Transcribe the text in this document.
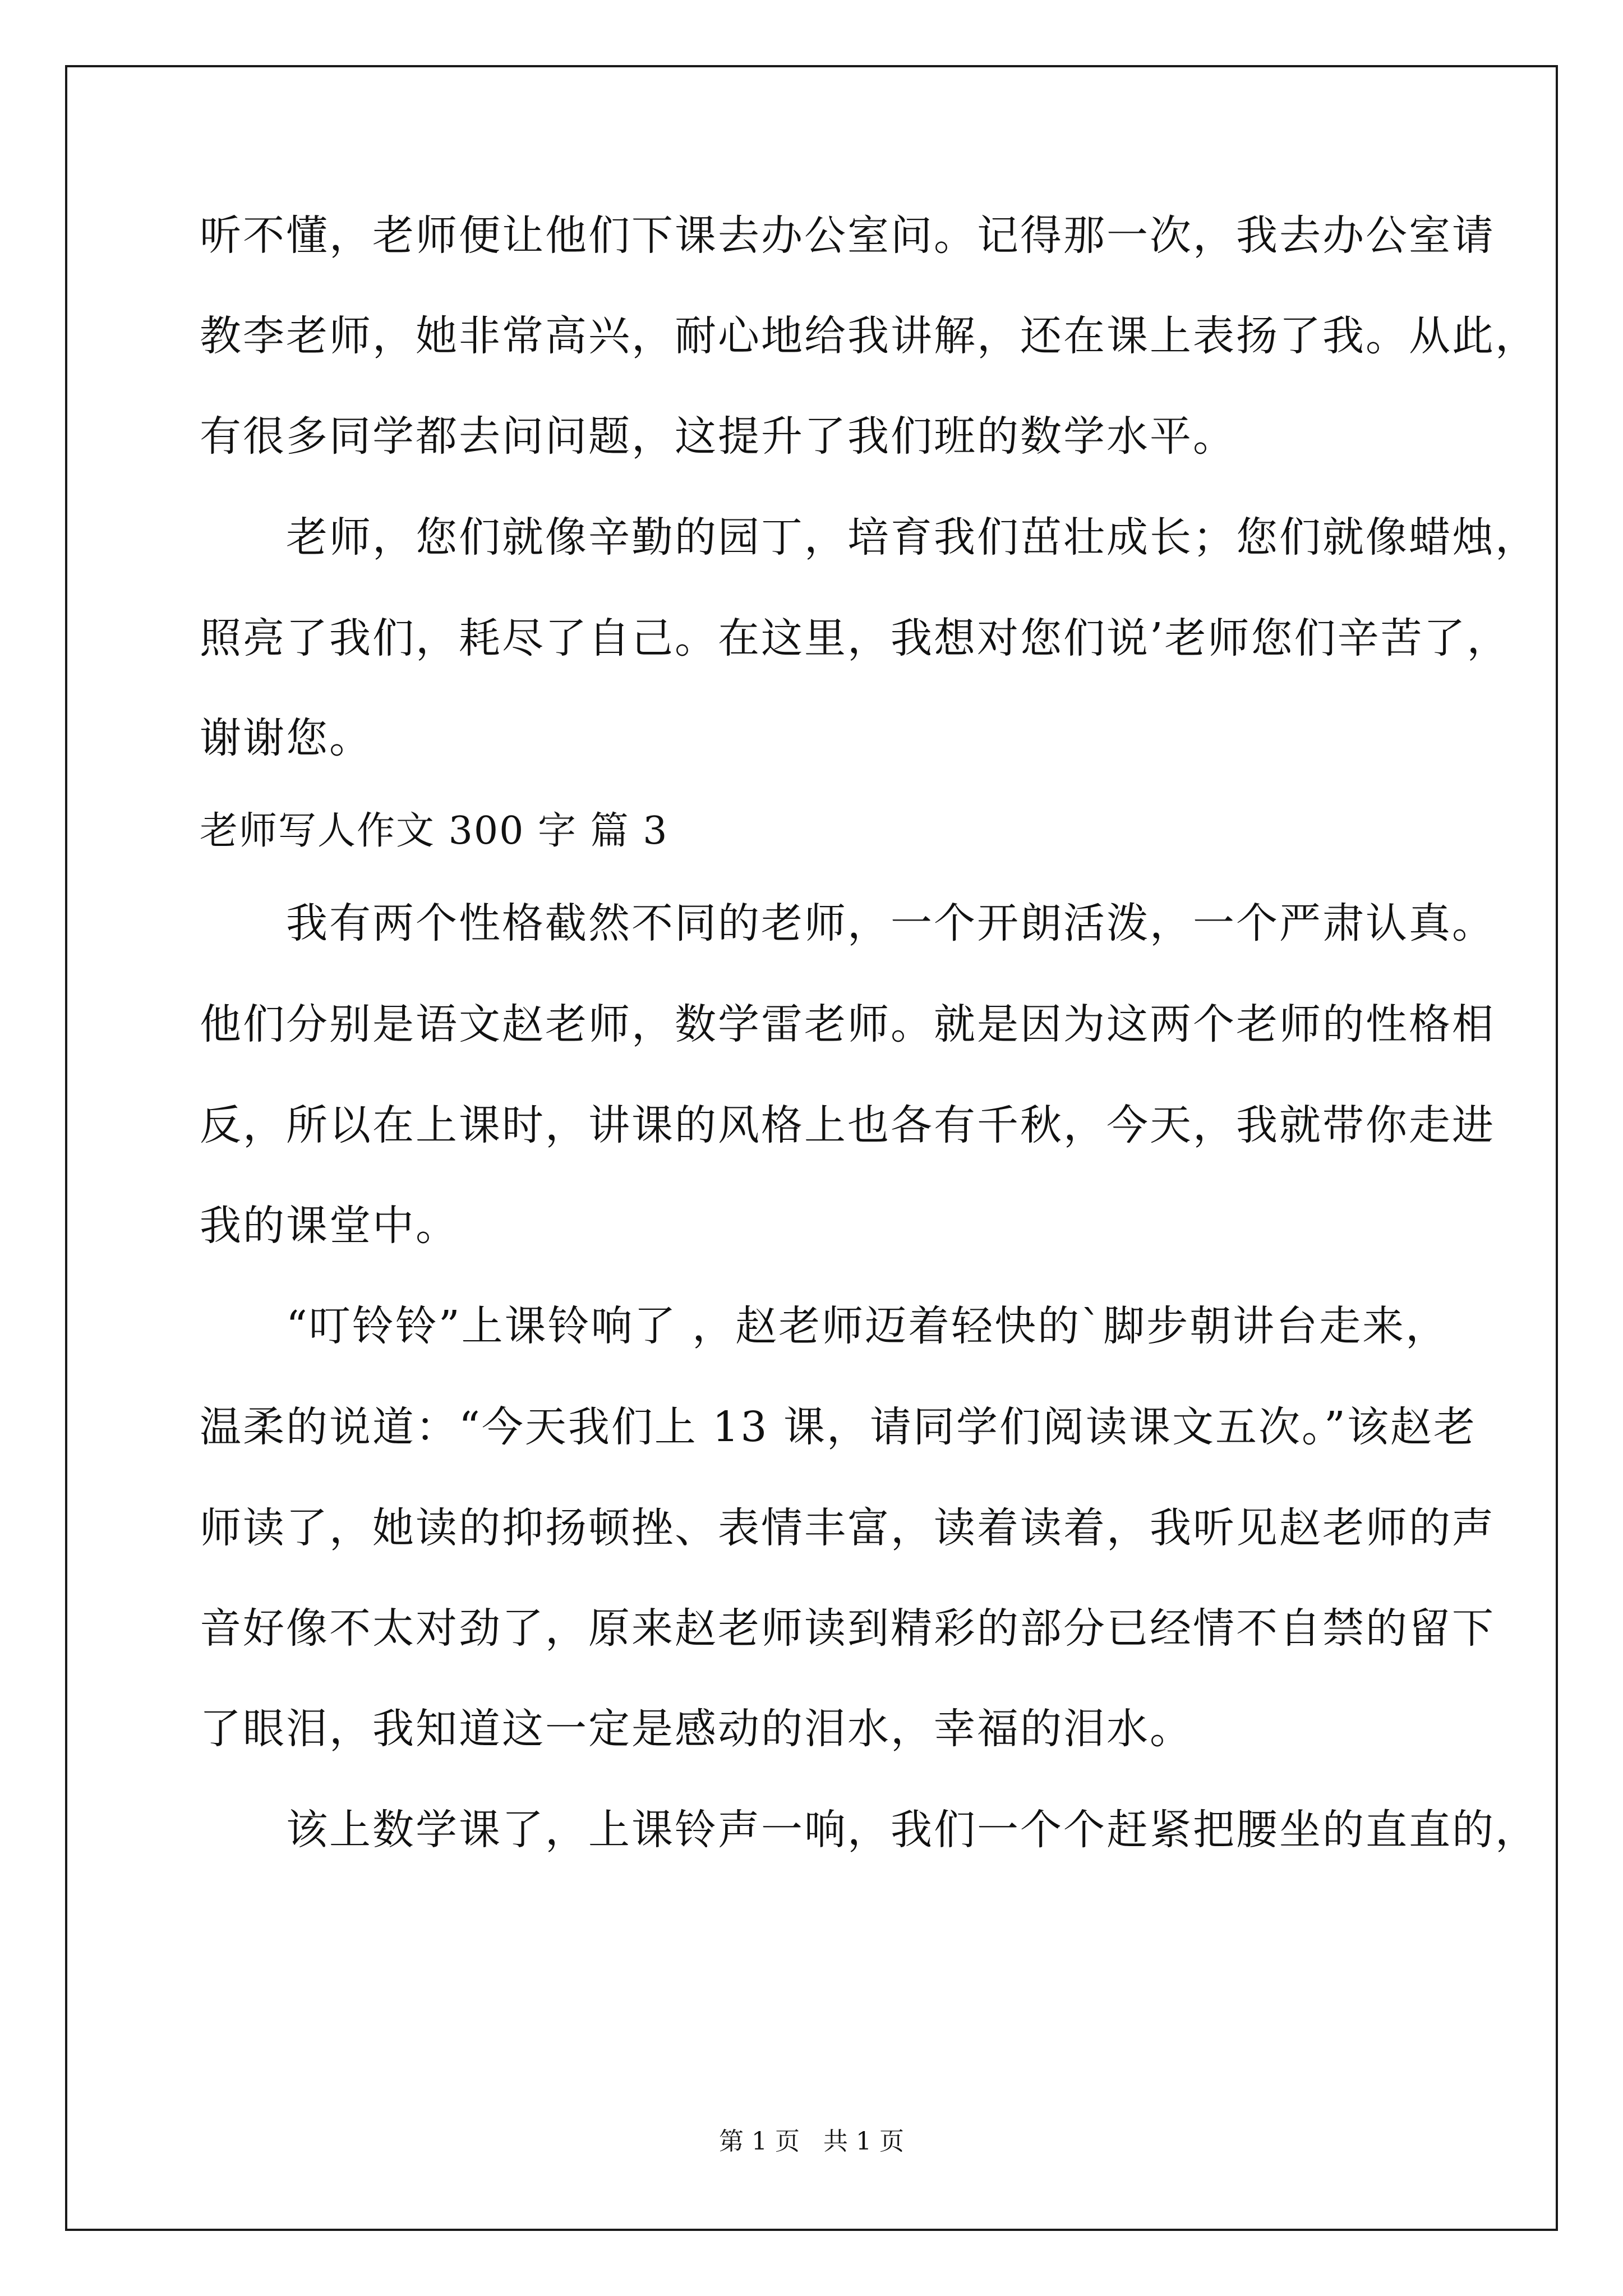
听不懂，老师便让他们下课去办公室问。记得那一次，我去办公室请
教李老师，她非常高兴，耐心地给我讲解，还在课上表扬了我。从此，
有很多同学都去问问题，这提升了我们班的数学水平。
　　老师，您们就像辛勤的园丁，培育我们茁壮成长；您们就像蜡烛，
照亮了我们，耗尽了自己。在这里，我想对您们说’老师您们辛苦了，
谢谢您。
老师写人作文 300 字 篇 3
　　我有两个性格截然不同的老师，一个开朗活泼，一个严肃认真。
他们分别是语文赵老师，数学雷老师。就是因为这两个老师的性格相
反，所以在上课时，讲课的风格上也各有千秋，今天，我就带你走进
我的课堂中。
　　“叮铃铃”上课铃响了 ，赵老师迈着轻快的`脚步朝讲台走来，
温柔的说道：“今天我们上 13 课，请同学们阅读课文五次。”该赵老
师读了，她读的抑扬顿挫、表情丰富，读着读着，我听见赵老师的声
音好像不太对劲了，原来赵老师读到精彩的部分已经情不自禁的留下
了眼泪，我知道这一定是感动的泪水，幸福的泪水。
　　该上数学课了，上课铃声一响，我们一个个赶紧把腰坐的直直的，
第 1 页   共 1 页
